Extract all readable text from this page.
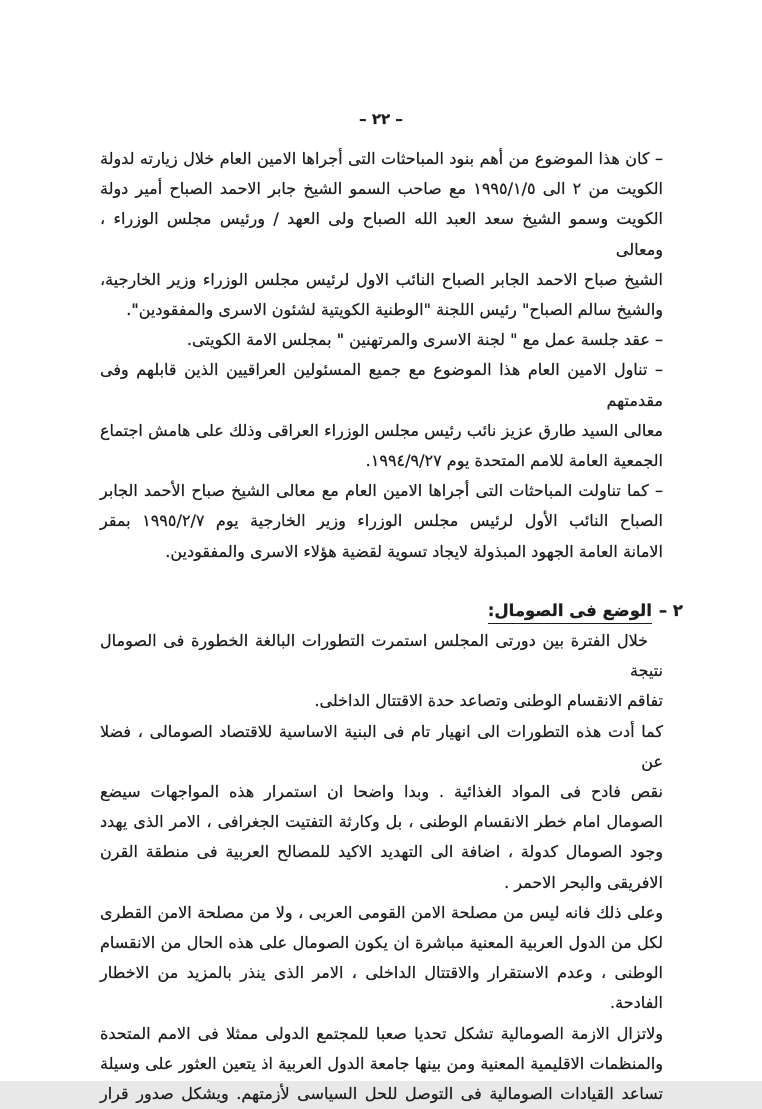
– ٢٢ –
– كان هذا الموضوع من أهم بنود المباحثات التى أجراها الامين العام خلال زيارته لدولة
الكويت من ٢ الى ١٩٩٥/١/٥ مع صاحب السمو الشيخ جابر الاحمد الصباح أمير دولة
الكويت وسمو الشيخ سعد العبد الله الصباح ولى العهد / ورئيس مجلس الوزراء ، ومعالى
الشيخ صباح الاحمد الجابر الصباح النائب الاول لرئيس مجلس الوزراء وزير الخارجية،
والشيخ سالم الصباح" رئيس اللجنة "الوطنية الكويتية لشئون الاسرى والمفقودين".
– عقد جلسة عمل مع " لجنة الاسرى والمرتهنين " بمجلس الامة الكويتى.
– تناول الامين العام هذا الموضوع مع جميع المسئولين العراقيين الذين قابلهم وفى مقدمتهم
معالى السيد طارق عزيز نائب رئيس مجلس الوزراء العراقى وذلك على هامش اجتماع
الجمعية العامة للامم المتحدة يوم ١٩٩٤/٩/٢٧.
– كما تناولت المباحثات التى أجراها الامين العام مع معالى الشيخ صباح الأحمد الجابر
الصباح النائب الأول لرئيس مجلس الوزراء وزير الخارجية يوم ١٩٩٥/٢/٧ بمقر
الامانة العامة الجهود المبذولة لايجاد تسوية لقضية هؤلاء الاسرى والمفقودين.
٢ –الوضع فى الصومال:
خلال الفترة بين دورتى المجلس استمرت التطورات البالغة الخطورة فى الصومال نتيجة
تفاقم الانقسام الوطنى وتصاعد حدة الاقتتال الداخلى.
كما أدت هذه التطورات الى انهيار تام فى البنية الاساسية للاقتصاد الصومالى ، فضلا عن
نقص فادح فى المواد الغذائية . وبدا واضحا ان استمرار هذه المواجهات سيضع
الصومال امام خطر الانقسام الوطنى ، بل وكارثة التفتيت الجغرافى ، الامر الذى يهدد
وجود الصومال كدولة ، اضافة الى التهديد الاكيد للمصالح العربية فى منطقة القرن
الافريقى والبحر الاحمر .
وعلى ذلك فانه ليس من مصلحة الامن القومى العربى ، ولا من مصلحة الامن القطرى
لكل من الدول العربية المعنية مباشرة ان يكون الصومال على هذه الحال من الانقسام
الوطنى ، وعدم الاستقرار والاقتتال الداخلى ، الامر الذى ينذر بالمزيد من الاخطار
الفادحة.
ولاتزال الازمة الصومالية تشكل تحديا صعبا للمجتمع الدولى ممثلا فى الامم المتحدة
والمنظمات الاقليمية المعنية ومن بينها جامعة الدول العربية اذ يتعين العثور على وسيلة
تساعد القيادات الصومالية فى التوصل للحل السياسى لأزمتهم. ويشكل صدور قرار
